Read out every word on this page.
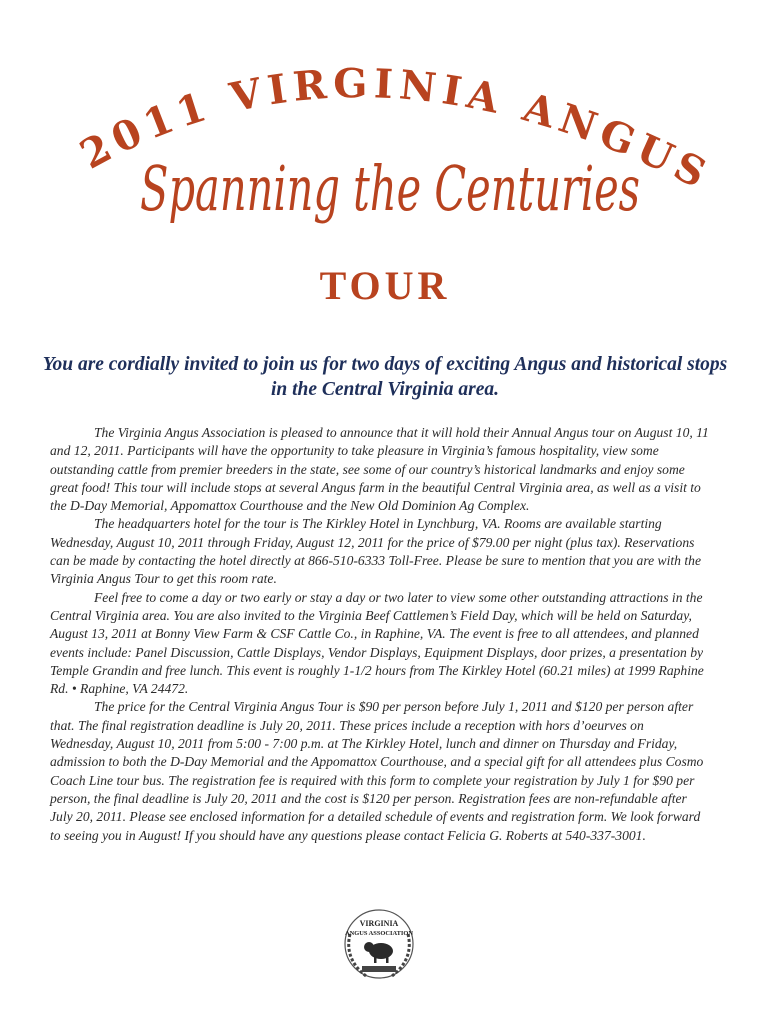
2011 VIRGINIA ANGUS
Spanning the Centuries
TOUR
You are cordially invited to join us for two days of exciting Angus and historical stops in the Central Virginia area.

The Virginia Angus Association is pleased to announce that it will hold their Annual Angus tour on August 10, 11 and 12, 2011. Participants will have the opportunity to take pleasure in Virginia’s famous hospitality, view some outstanding cattle from premier breeders in the state, see some of our country’s historical landmarks and enjoy some great food! This tour will include stops at several Angus farm in the beautiful Central Virginia area, as well as a visit to the D-Day Memorial, Appomattox Courthouse and the New Old Dominion Ag Complex.

The headquarters hotel for the tour is The Kirkley Hotel in Lynchburg, VA. Rooms are available starting Wednesday, August 10, 2011 through Friday, August 12, 2011 for the price of $79.00 per night (plus tax). Reservations can be made by contacting the hotel directly at 866-510-6333 Toll-Free. Please be sure to mention that you are with the Virginia Angus Tour to get this room rate.

Feel free to come a day or two early or stay a day or two later to view some other outstanding attractions in the Central Virginia area. You are also invited to the Virginia Beef Cattlemen’s Field Day, which will be held on Saturday, August 13, 2011 at Bonny View Farm & CSF Cattle Co., in Raphine, VA. The event is free to all attendees, and planned events include: Panel Discussion, Cattle Displays, Vendor Displays, Equipment Displays, door prizes, a presentation by Temple Grandin and free lunch. This event is roughly 1-1/2 hours from The Kirkley Hotel (60.21 miles) at 1999 Raphine Rd. • Raphine, VA 24472.

The price for the Central Virginia Angus Tour is $90 per person before July 1, 2011 and $120 per person after that. The final registration deadline is July 20, 2011. These prices include a reception with hors d’oeurves on Wednesday, August 10, 2011 from 5:00 - 7:00 p.m. at The Kirkley Hotel, lunch and dinner on Thursday and Friday, admission to both the D-Day Memorial and the Appomattox Courthouse, and a special gift for all attendees plus Cosmo Coach Line tour bus. The registration fee is required with this form to complete your registration by July 1 for $90 per person, the final deadline is July 20, 2011 and the cost is $120 per person. Registration fees are non-refundable after July 20, 2011. Please see enclosed information for a detailed schedule of events and registration form. We look forward to seeing you in August! If you should have any questions please contact Felicia G. Roberts at 540-337-3001.

VIRGINIA
ANGUS ASSOCIATION
